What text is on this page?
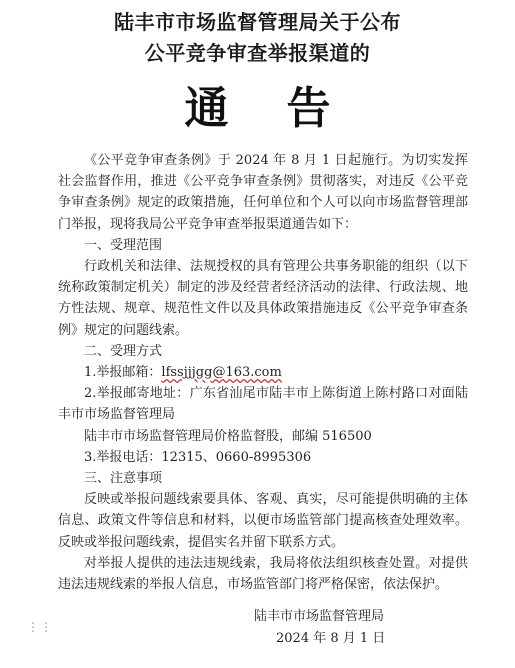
陆丰市市场监督管理局关于公布
公平竞争审查举报渠道的
通告

《公平竞争审查条例》于 2024 年 8 月 1 日起施行。为切实发挥社会监督作用，推进《公平竞争审查条例》贯彻落实，对违反《公平竞争审查条例》规定的政策措施，任何单位和个人可以向市场监督管理部门举报，现将我局公平竞争审查举报渠道通告如下：

一、受理范围

行政机关和法律、法规授权的具有管理公共事务职能的组织（以下统称政策制定机关）制定的涉及经营者经济活动的法律、行政法规、地方性法规、规章、规范性文件以及具体政策措施违反《公平竞争审查条例》规定的问题线索。

二、受理方式

1.举报邮箱：lfssjjjgg@163.com

2.举报邮寄地址：广东省汕尾市陆丰市上陈街道上陈村路口对面陆丰市市场监督管理局

陆丰市市场监督管理局价格监督股，邮编 516500

3.举报电话：12315、0660-8995306

三、注意事项

反映或举报问题线索要具体、客观、真实，尽可能提供明确的主体信息、政策文件等信息和材料，以便市场监管部门提高核查处理效率。反映或举报问题线索，提倡实名并留下联系方式。

对举报人提供的违法违规线索，我局将依法组织核查处置。对提供违法违规线索的举报人信息，市场监管部门将严格保密，依法保护。

陆丰市市场监督管理局
2024 年 8 月 1 日
⋮⋮
